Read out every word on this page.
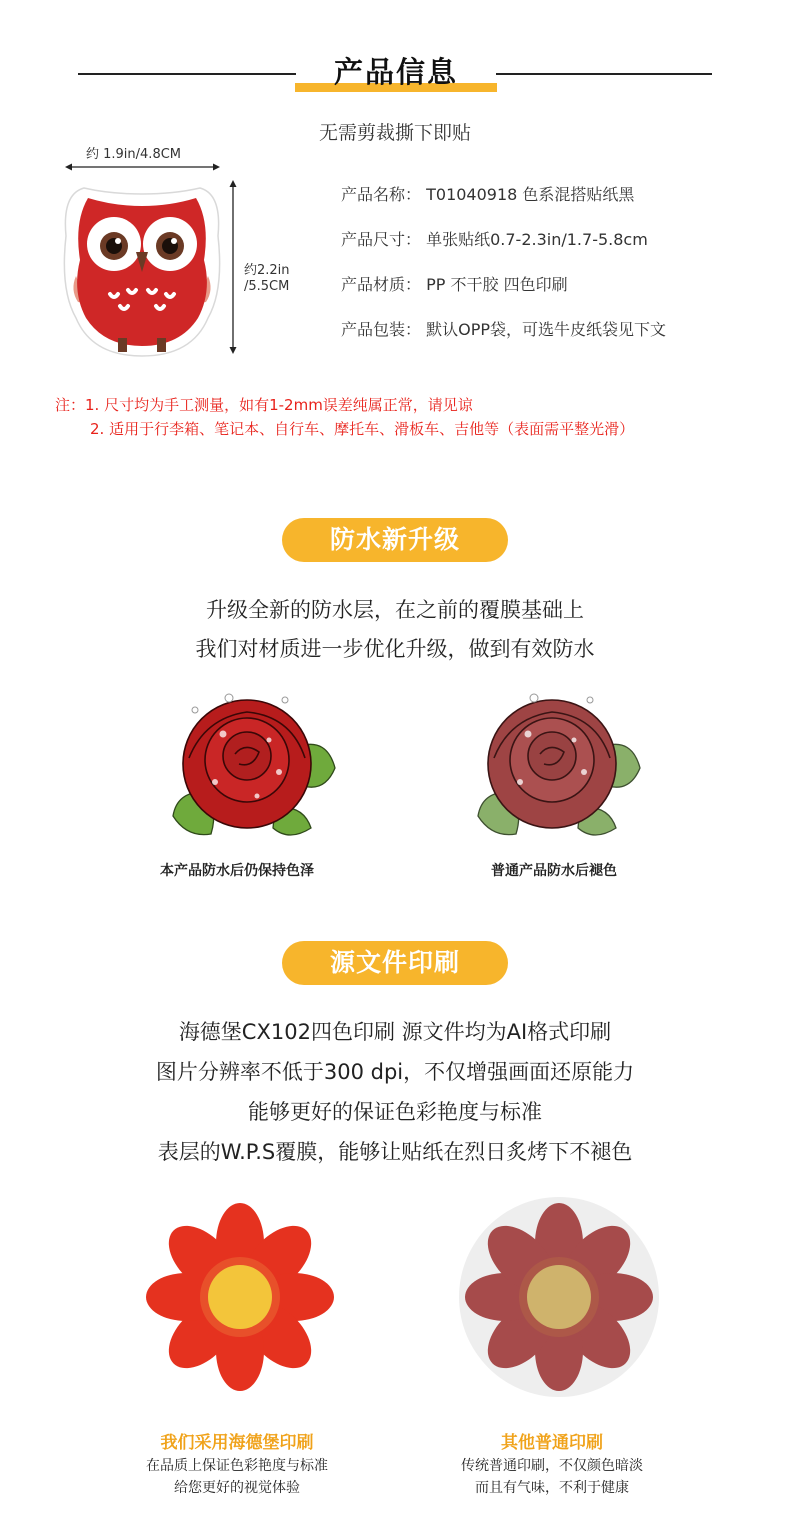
产品信息
无需剪裁撕下即贴
约 1.9in/4.8CM
约2.2in
/5.5CM
产品名称： T01040918 色系混搭贴纸黑
产品尺寸： 单张贴纸0.7-2.3in/1.7-5.8cm
产品材质： PP 不干胶 四色印刷
产品包装： 默认OPP袋，可选牛皮纸袋见下文
注：1. 尺寸均为手工测量，如有1-2mm误差纯属正常，请见谅
2. 适用于行李箱、笔记本、自行车、摩托车、滑板车、吉他等（表面需平整光滑）
防水新升级
升级全新的防水层，在之前的覆膜基础上
我们对材质进一步优化升级，做到有效防水
本产品防水后仍保持色泽	普通产品防水后褪色
源文件印刷
海德堡CX102四色印刷 源文件均为AI格式印刷
图片分辨率不低于300 dpi，不仅增强画面还原能力
能够更好的保证色彩艳度与标准
表层的W.P.S覆膜，能够让贴纸在烈日炙烤下不褪色
我们采用海德堡印刷
在品质上保证色彩艳度与标准
给您更好的视觉体验
其他普通印刷
传统普通印刷，不仅颜色暗淡
而且有气味，不利于健康
